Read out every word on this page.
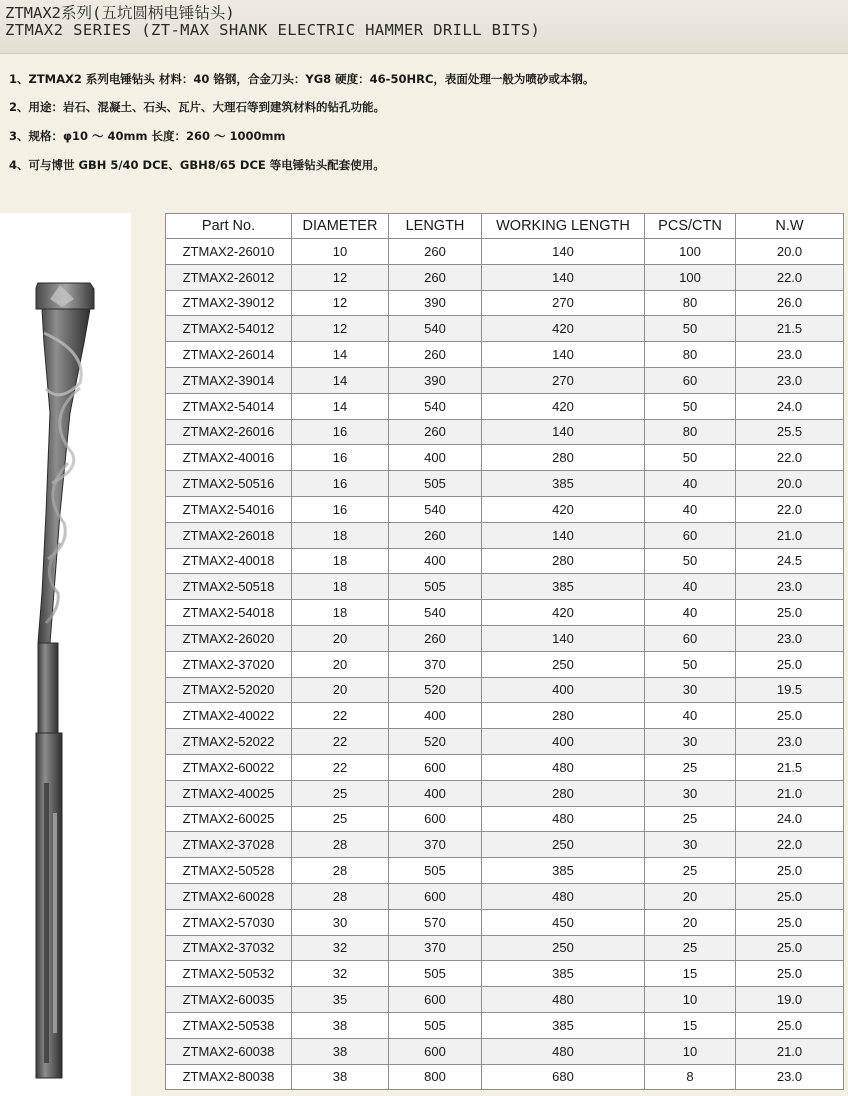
ZTMAX2系列(五坑圆柄电锤钻头)
ZTMAX2 SERIES (ZT-MAX SHANK ELECTRIC HAMMER DRILL BITS)
1、ZTMAX2 系列电锤钻头 材料：40 铬钢，合金刀头：YG8 硬度：46-50HRC，表面处理一般为喷砂或本钢。
2、用途：岩石、混凝土、石头、瓦片、大理石等到建筑材料的钻孔功能。
3、规格：φ10 ～ 40mm 长度：260 ～ 1000mm
4、可与博世 GBH 5/40 DCE、GBH8/65 DCE 等电锤钻头配套使用。
Part No.	DIAMETER	LENGTH	WORKING LENGTH	PCS/CTN	N.W
ZTMAX2-26010	10	260	140	100	20.0
ZTMAX2-26012	12	260	140	100	22.0
ZTMAX2-39012	12	390	270	80	26.0
ZTMAX2-54012	12	540	420	50	21.5
ZTMAX2-26014	14	260	140	80	23.0
ZTMAX2-39014	14	390	270	60	23.0
ZTMAX2-54014	14	540	420	50	24.0
ZTMAX2-26016	16	260	140	80	25.5
ZTMAX2-40016	16	400	280	50	22.0
ZTMAX2-50516	16	505	385	40	20.0
ZTMAX2-54016	16	540	420	40	22.0
ZTMAX2-26018	18	260	140	60	21.0
ZTMAX2-40018	18	400	280	50	24.5
ZTMAX2-50518	18	505	385	40	23.0
ZTMAX2-54018	18	540	420	40	25.0
ZTMAX2-26020	20	260	140	60	23.0
ZTMAX2-37020	20	370	250	50	25.0
ZTMAX2-52020	20	520	400	30	19.5
ZTMAX2-40022	22	400	280	40	25.0
ZTMAX2-52022	22	520	400	30	23.0
ZTMAX2-60022	22	600	480	25	21.5
ZTMAX2-40025	25	400	280	30	21.0
ZTMAX2-60025	25	600	480	25	24.0
ZTMAX2-37028	28	370	250	30	22.0
ZTMAX2-50528	28	505	385	25	25.0
ZTMAX2-60028	28	600	480	20	25.0
ZTMAX2-57030	30	570	450	20	25.0
ZTMAX2-37032	32	370	250	25	25.0
ZTMAX2-50532	32	505	385	15	25.0
ZTMAX2-60035	35	600	480	10	19.0
ZTMAX2-50538	38	505	385	15	25.0
ZTMAX2-60038	38	600	480	10	21.0
ZTMAX2-80038	38	800	680	8	23.0
